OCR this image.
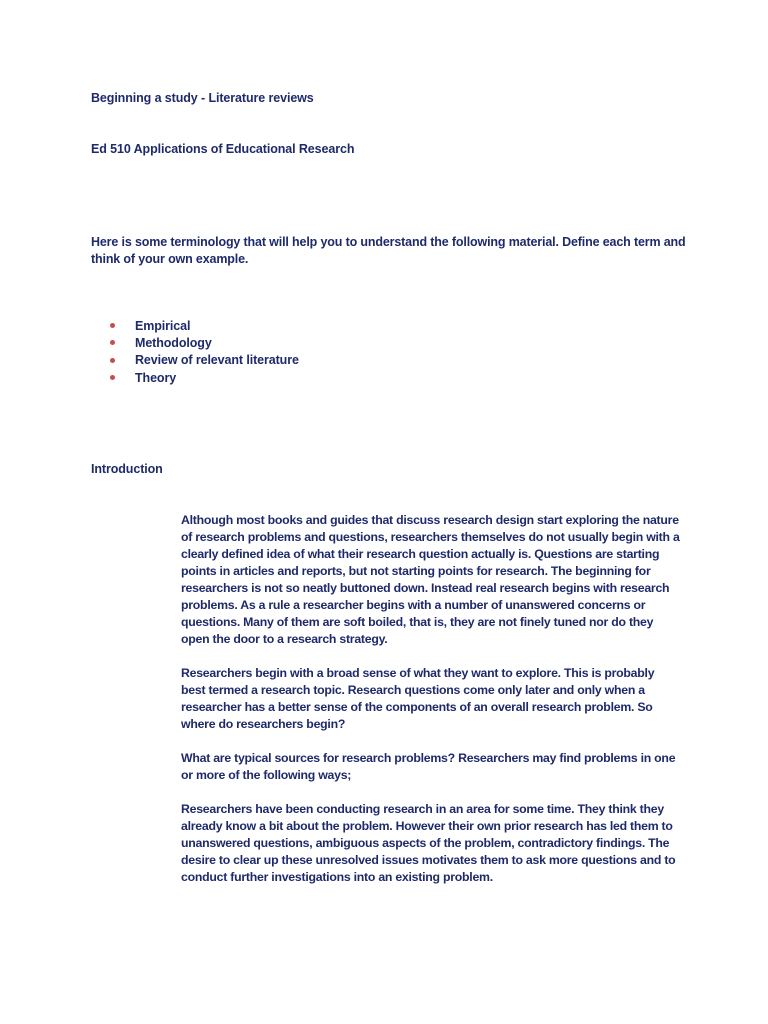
Beginning a study - Literature reviews
Ed 510 Applications of Educational Research
Here is some terminology that will help you to understand the following material. Define each term and think of your own example.
Empirical
Methodology
Review of relevant literature
Theory
Introduction

Although most books and guides that discuss research design start exploring the nature of research problems and questions, researchers themselves do not usually begin with a clearly defined idea of what their research question actually is. Questions are starting points in articles and reports, but not starting points for research. The beginning for researchers is not so neatly buttoned down. Instead real research begins with research problems. As a rule a researcher begins with a number of unanswered concerns or questions. Many of them are soft boiled, that is, they are not finely tuned nor do they open the door to a research strategy.

Researchers begin with a broad sense of what they want to explore. This is probably best termed a research topic. Research questions come only later and only when a researcher has a better sense of the components of an overall research problem. So where do researchers begin?

What are typical sources for research problems? Researchers may find problems in one or more of the following ways;

Researchers have been conducting research in an area for some time. They think they already know a bit about the problem. However their own prior research has led them to unanswered questions, ambiguous aspects of the problem, contradictory findings. The desire to clear up these unresolved issues motivates them to ask more questions and to conduct further investigations into an existing problem.
